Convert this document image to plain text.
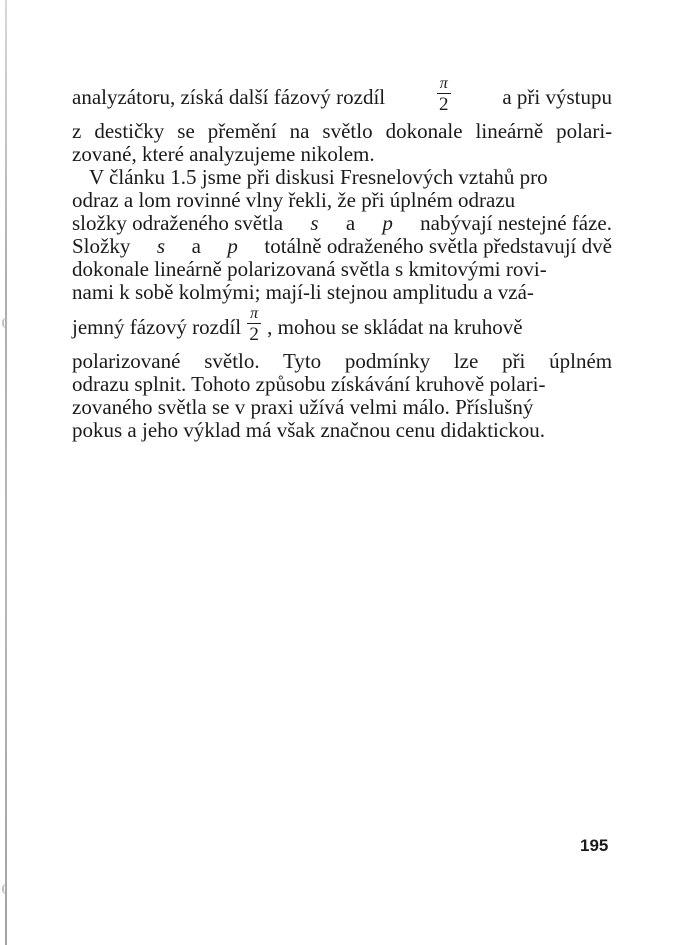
analyzátoru, získá další fázový rozdíl	$\frac{\pi}{2}$ a při výstupu
z destičky se přemění na světlo dokonale lineárně polari-
zované, které analyzujeme nikolem.
V článku 1.5 jsme při diskusi Fresnelových vztahů pro
odraz a lom rovinné vlny řekli, že při úplném odrazu
složky odraženého světla s a p nabývají nestejné fáze.
Složky s a p totálně odraženého světla představují dvě
dokonale lineárně polarizovaná světla s kmitovými rovi-
nami k sobě kolmými; mají-li stejnou amplitudu a vzá-
jemný fázový rozdíl $\frac{\pi}{2}$ , mohou se skládat na kruhově
polarizované světlo. Tyto podmínky lze při úplném
odrazu splnit. Tohoto způsobu získávání kruhově polari-
zovaného světla se v praxi užívá velmi málo. Příslušný
pokus a jeho výklad má však značnou cenu didaktickou.
195
